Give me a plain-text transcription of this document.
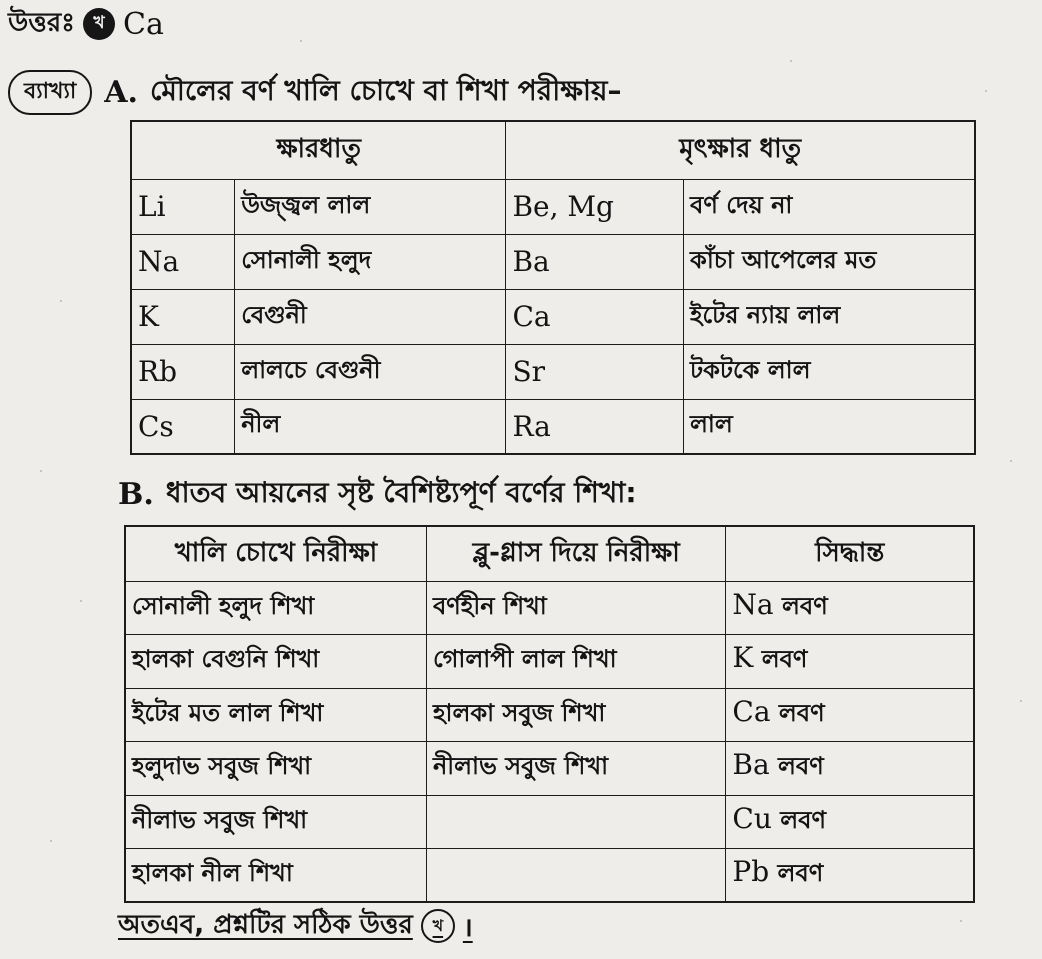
উত্তরঃ	খ Ca
ব্যাখ্যা A. মৌলের বর্ণ খালি চোখে বা শিখা পরীক্ষায়–
ক্ষারধাতু		মৃৎক্ষার ধাতু	
Li	উজ্জ্বল লাল	Be, Mg	বর্ণ দেয় না
Na	সোনালী হলুদ	Ba	কাঁচা আপেলের মত
K	বেগুনী	Ca	ইটের ন্যায় লাল
Rb	লালচে বেগুনী	Sr	টকটকে লাল
Cs	নীল	Ra	লাল
B. ধাতব আয়নের সৃষ্ট বৈশিষ্ট্যপূর্ণ বর্ণের শিখা:
খালি চোখে নিরীক্ষা	ব্লু-গ্লাস দিয়ে নিরীক্ষা	সিদ্ধান্ত
সোনালী হলুদ শিখা	বর্ণহীন শিখা	Na লবণ
হালকা বেগুনি শিখা	গোলাপী লাল শিখা	K লবণ
ইটের মত লাল শিখা	হালকা সবুজ শিখা	Ca লবণ
হলুদাভ সবুজ শিখা	নীলাভ সবুজ শিখা	Ba লবণ
নীলাভ সবুজ শিখা		Cu লবণ
হালকা নীল শিখা		Pb লবণ
অতএব, প্রশ্নটির সঠিক উত্তর	খ ।
